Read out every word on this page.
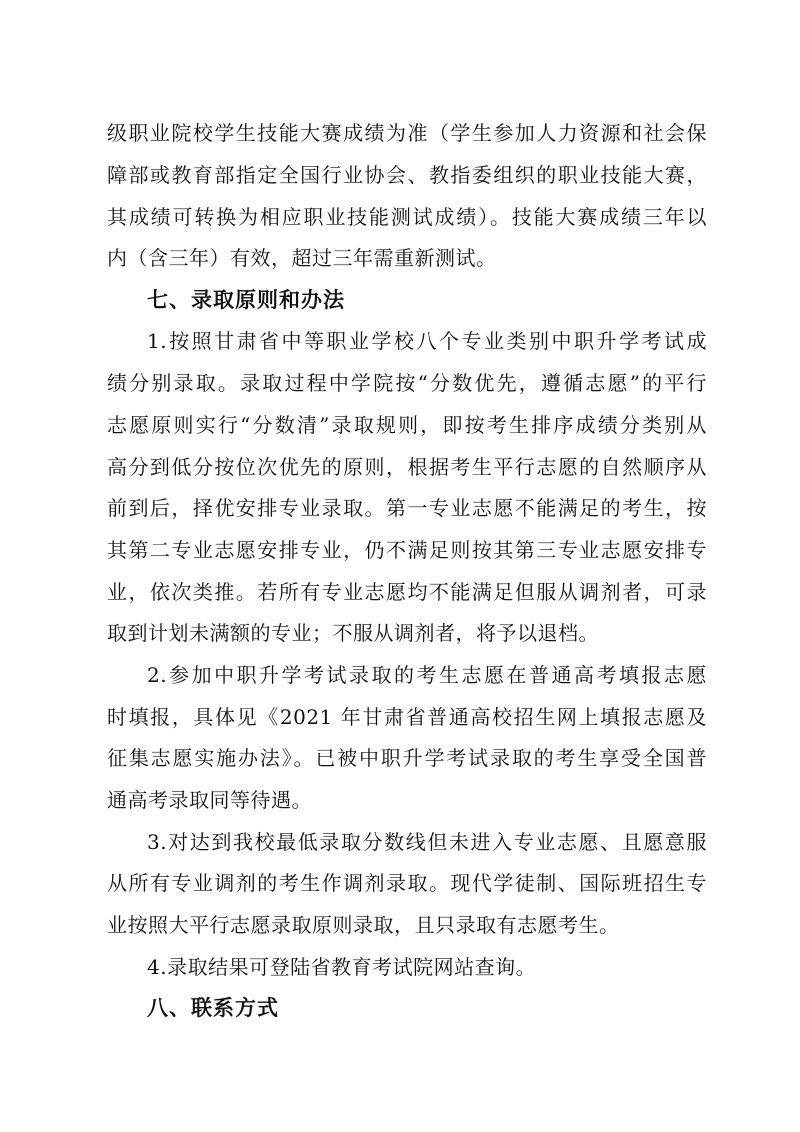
级职业院校学生技能大赛成绩为准（学生参加人力资源和社会保
障部或教育部指定全国行业协会、教指委组织的职业技能大赛，
其成绩可转换为相应职业技能测试成绩）。技能大赛成绩三年以
内（含三年）有效，超过三年需重新测试。
七、录取原则和办法
1.按照甘肃省中等职业学校八个专业类别中职升学考试成
绩分别录取。录取过程中学院按“分数优先，遵循志愿”的平行
志愿原则实行“分数清”录取规则，即按考生排序成绩分类别从
高分到低分按位次优先的原则，根据考生平行志愿的自然顺序从
前到后，择优安排专业录取。第一专业志愿不能满足的考生，按
其第二专业志愿安排专业，仍不满足则按其第三专业志愿安排专
业，依次类推。若所有专业志愿均不能满足但服从调剂者，可录
取到计划未满额的专业；不服从调剂者，将予以退档。
2.参加中职升学考试录取的考生志愿在普通高考填报志愿
时填报，具体见《2021 年甘肃省普通高校招生网上填报志愿及
征集志愿实施办法》。已被中职升学考试录取的考生享受全国普
通高考录取同等待遇。
3.对达到我校最低录取分数线但未进入专业志愿、且愿意服
从所有专业调剂的考生作调剂录取。现代学徒制、国际班招生专
业按照大平行志愿录取原则录取，且只录取有志愿考生。
4.录取结果可登陆省教育考试院网站查询。
八、联系方式
